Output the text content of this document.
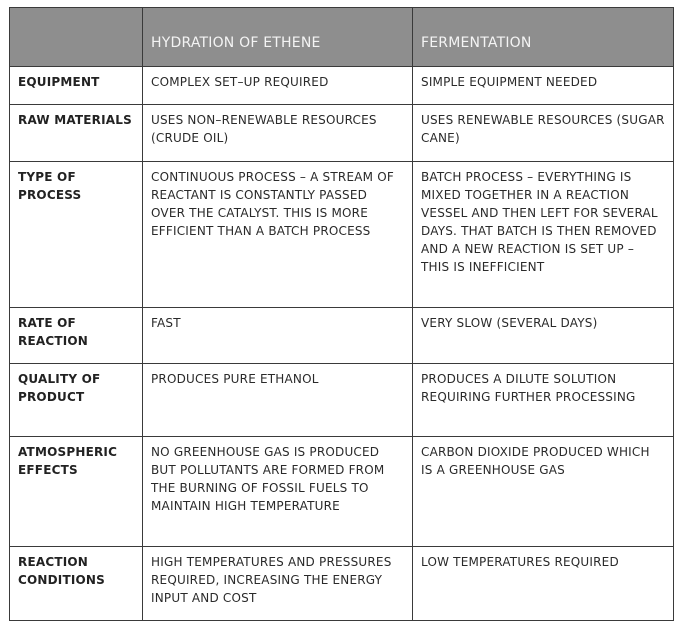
	HYDRATION OF ETHENE	FERMENTATION
EQUIPMENT	COMPLEX SET–UP REQUIRED	SIMPLE EQUIPMENT NEEDED
RAW MATERIALS	USES NON–RENEWABLE RESOURCES (CRUDE OIL)	USES RENEWABLE RESOURCES (SUGAR CANE)
TYPE OF PROCESS	CONTINUOUS PROCESS – A STREAM OF REACTANT IS CONSTANTLY PASSED OVER THE CATALYST. THIS IS MORE EFFICIENT THAN A BATCH PROCESS	BATCH PROCESS – EVERYTHING IS MIXED TOGETHER IN A REACTION VESSEL AND THEN LEFT FOR SEVERAL DAYS. THAT BATCH IS THEN REMOVED AND A NEW REACTION IS SET UP – THIS IS INEFFICIENT
RATE OF REACTION	FAST	VERY SLOW (SEVERAL DAYS)
QUALITY OF PRODUCT	PRODUCES PURE ETHANOL	PRODUCES A DILUTE SOLUTION REQUIRING FURTHER PROCESSING
ATMOSPHERIC EFFECTS	NO GREENHOUSE GAS IS PRODUCED BUT POLLUTANTS ARE FORMED FROM THE BURNING OF FOSSIL FUELS TO MAINTAIN HIGH TEMPERATURE	CARBON DIOXIDE PRODUCED WHICH IS A GREENHOUSE GAS
REACTION CONDITIONS	HIGH TEMPERATURES AND PRESSURES REQUIRED, INCREASING THE ENERGY INPUT AND COST	LOW TEMPERATURES REQUIRED
